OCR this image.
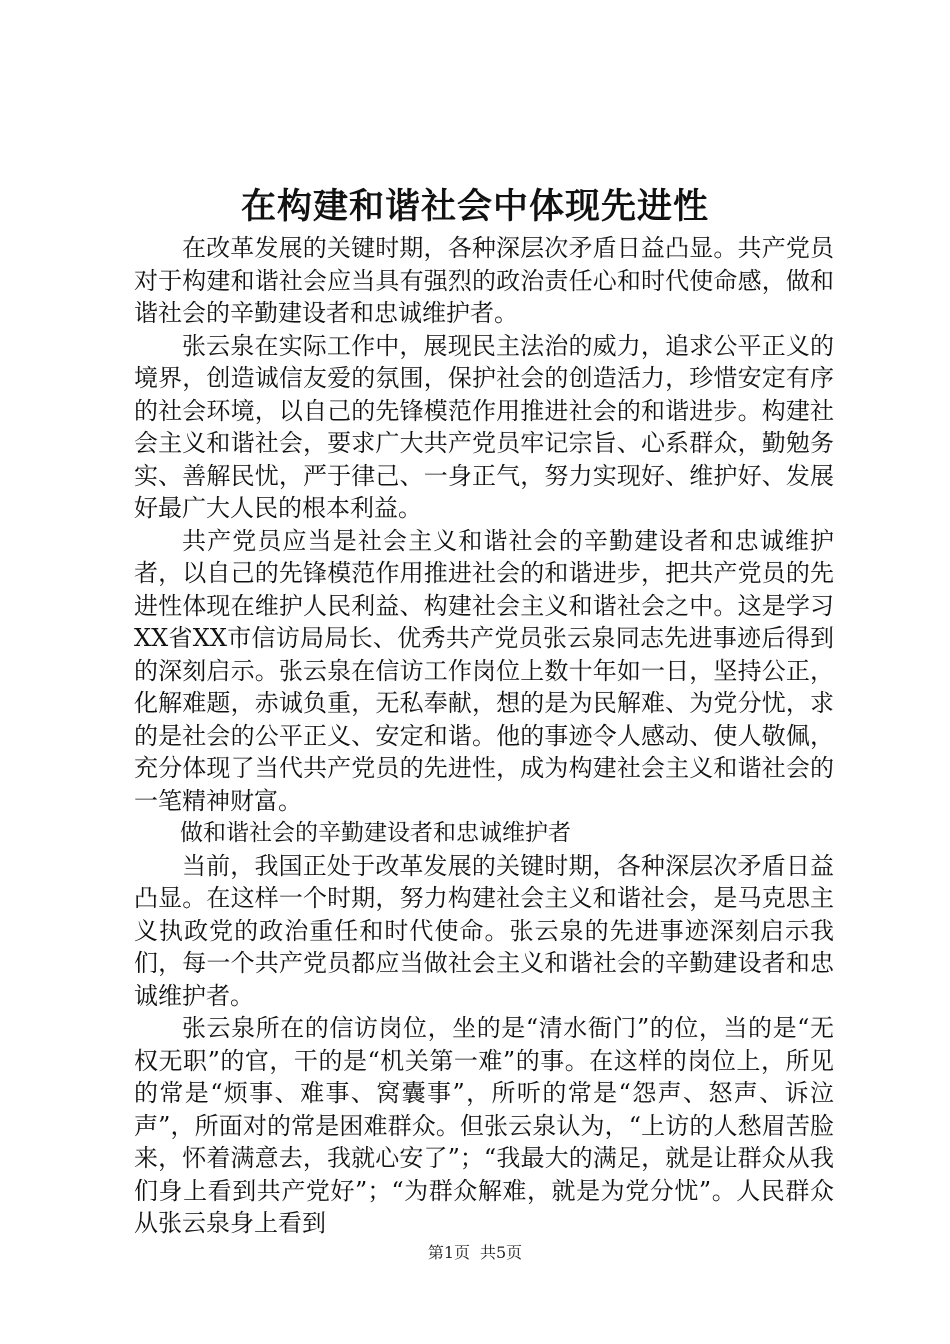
在构建和谐社会中体现先进性

在改革发展的关键时期，各种深层次矛盾日益凸显。共产党员对于构建和谐社会应当具有强烈的政治责任心和时代使命感，做和谐社会的辛勤建设者和忠诚维护者。

张云泉在实际工作中，展现民主法治的威力，追求公平正义的境界，创造诚信友爱的氛围，保护社会的创造活力，珍惜安定有序的社会环境，以自己的先锋模范作用推进社会的和谐进步。构建社会主义和谐社会，要求广大共产党员牢记宗旨、心系群众，勤勉务实、善解民忧，严于律己、一身正气，努力实现好、维护好、发展好最广大人民的根本利益。

共产党员应当是社会主义和谐社会的辛勤建设者和忠诚维护者，以自己的先锋模范作用推进社会的和谐进步，把共产党员的先进性体现在维护人民利益、构建社会主义和谐社会之中。这是学习XX省XX市信访局局长、优秀共产党员张云泉同志先进事迹后得到的深刻启示。张云泉在信访工作岗位上数十年如一日，坚持公正，化解难题，赤诚负重，无私奉献，想的是为民解难、为党分忧，求的是社会的公平正义、安定和谐。他的事迹令人感动、使人敬佩，充分体现了当代共产党员的先进性，成为构建社会主义和谐社会的一笔精神财富。

做和谐社会的辛勤建设者和忠诚维护者

当前，我国正处于改革发展的关键时期，各种深层次矛盾日益凸显。在这样一个时期，努力构建社会主义和谐社会，是马克思主义执政党的政治重任和时代使命。张云泉的先进事迹深刻启示我们，每一个共产党员都应当做社会主义和谐社会的辛勤建设者和忠诚维护者。

张云泉所在的信访岗位，坐的是“清水衙门”的位，当的是“无权无职”的官，干的是“机关第一难”的事。在这样的岗位上，所见的常是“烦事、难事、窝囊事”，所听的常是“怨声、怒声、诉泣声”，所面对的常是困难群众。但张云泉认为，“上访的人愁眉苦脸来，怀着满意去，我就心安了”；“我最大的满足，就是让群众从我们身上看到共产党好”；“为群众解难，就是为党分忧”。人民群众从张云泉身上看到

第1页 共5页
